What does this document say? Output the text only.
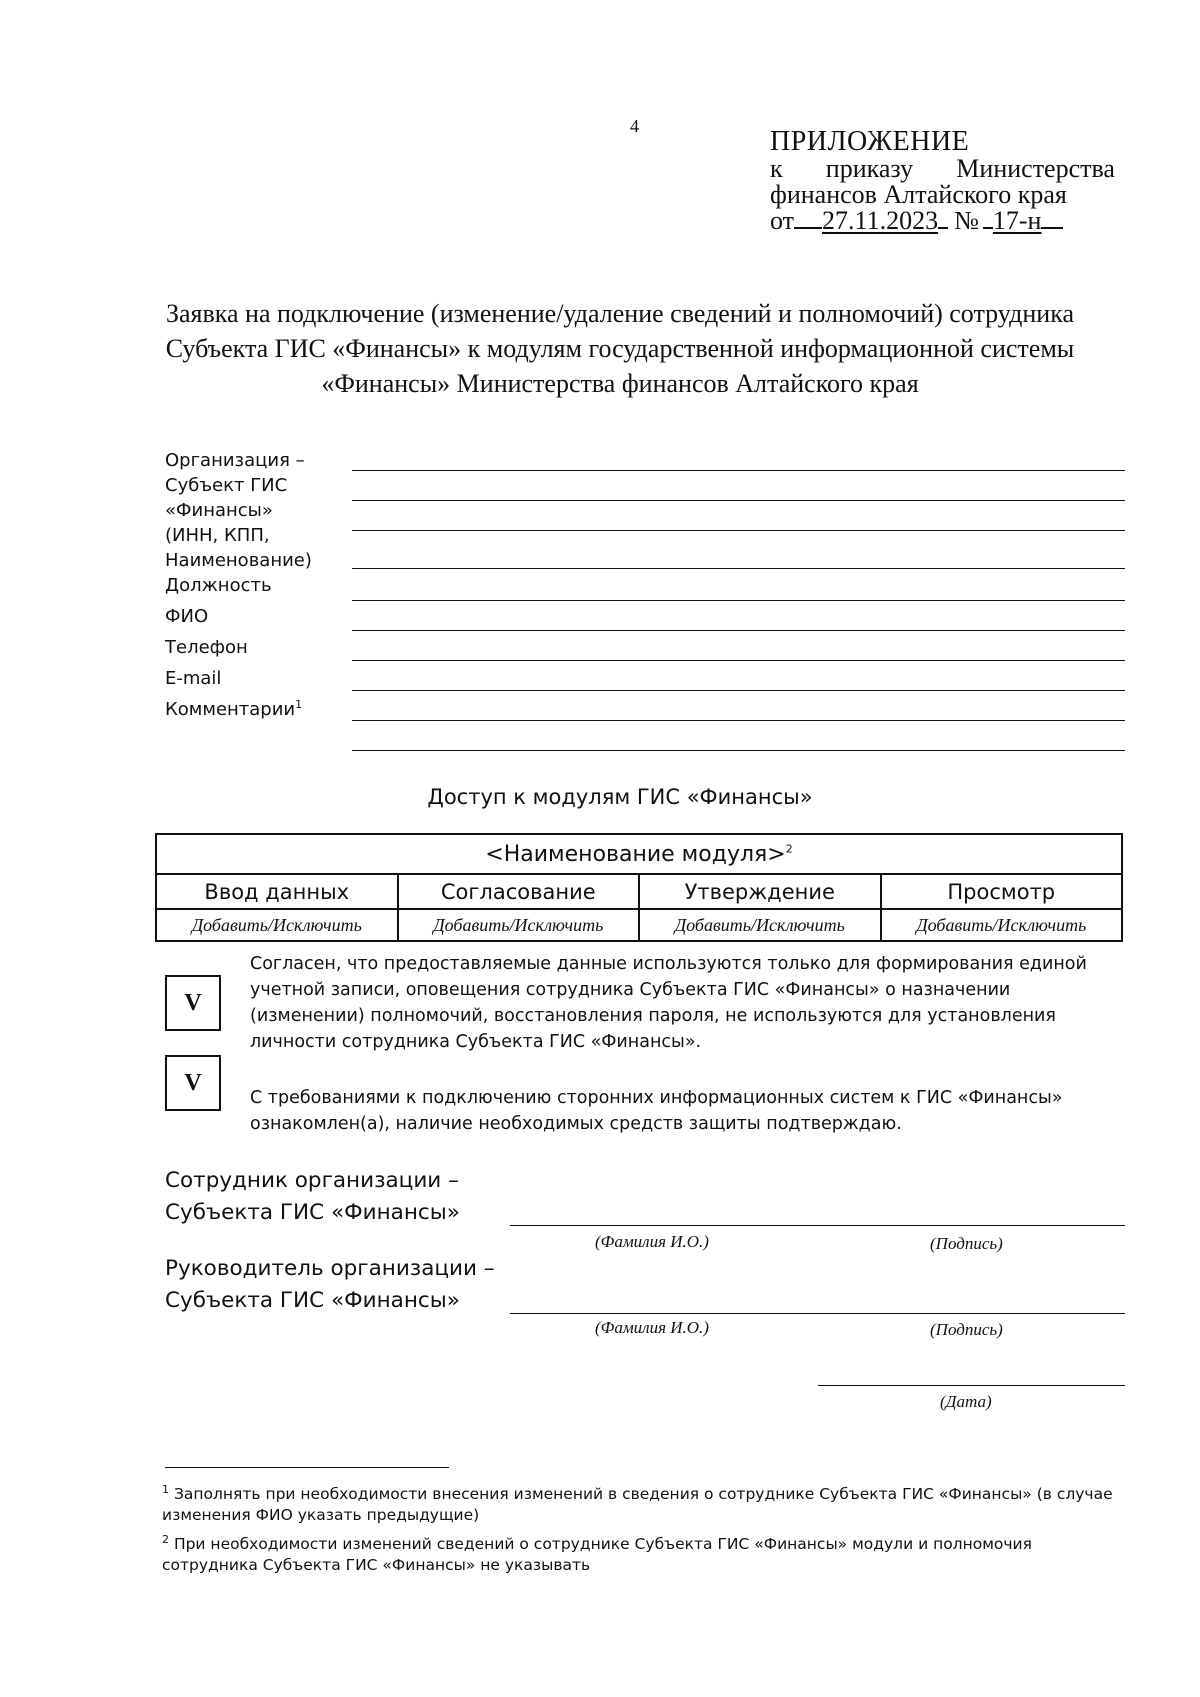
4	ПРИЛОЖЕНИЕ
к приказу Министерства
финансов Алтайского края
от 27.11.2023 № 17-н
Заявка на подключение (изменение/удаление сведений и полномочий) сотрудника Субъекта ГИС «Финансы» к модулям государственной информационной системы «Финансы» Министерства финансов Алтайского края
Организация –
Субъект ГИС
«Финансы»
(ИНН, КПП,
Наименование)
Должность
ФИО
Телефон
E-mail
Комментарии$^1$
Доступ к модулям ГИС «Финансы»
<Наименование модуля>$^2$
Ввод данных	Согласование	Утверждение	Просмотр
Добавить/Исключить	Добавить/Исключить	Добавить/Исключить	Добавить/Исключить
V
Согласен, что предоставляемые данные используются только для формирования единой учетной записи, оповещения сотрудника Субъекта ГИС «Финансы» о назначении (изменении) полномочий, восстановления пароля, не используются для установления личности сотрудника Субъекта ГИС «Финансы».
V
С требованиями к подключению сторонних информационных систем к ГИС «Финансы» ознакомлен(а), наличие необходимых средств защиты подтверждаю.
Сотрудник организации –
Субъекта ГИС «Финансы»
(Фамилия И.О.)	(Подпись)
Руководитель организации –
Субъекта ГИС «Финансы»
(Фамилия И.О.)	(Подпись)
(Дата)
$^1$ Заполнять при необходимости внесения изменений в сведения о сотруднике Субъекта ГИС «Финансы» (в случае изменения ФИО указать предыдущие)
$^2$ При необходимости изменений сведений о сотруднике Субъекта ГИС «Финансы» модули и полномочия сотрудника Субъекта ГИС «Финансы» не указывать
